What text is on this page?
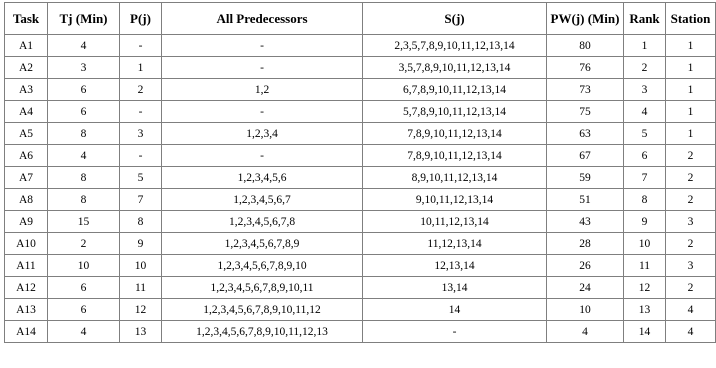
Task	Tj (Min)	P(j)	All Predecessors	S(j)	PW(j) (Min)	Rank	Station
A1	4	-	-	2,3,5,7,8,9,10,11,12,13,14	80	1	1
A2	3	1	-	3,5,7,8,9,10,11,12,13,14	76	2	1
A3	6	2	1,2	6,7,8,9,10,11,12,13,14	73	3	1
A4	6	-	-	5,7,8,9,10,11,12,13,14	75	4	1
A5	8	3	1,2,3,4	7,8,9,10,11,12,13,14	63	5	1
A6	4	-	-	7,8,9,10,11,12,13,14	67	6	2
A7	8	5	1,2,3,4,5,6	8,9,10,11,12,13,14	59	7	2
A8	8	7	1,2,3,4,5,6,7	9,10,11,12,13,14	51	8	2
A9	15	8	1,2,3,4,5,6,7,8	10,11,12,13,14	43	9	3
A10	2	9	1,2,3,4,5,6,7,8,9	11,12,13,14	28	10	2
A11	10	10	1,2,3,4,5,6,7,8,9,10	12,13,14	26	11	3
A12	6	11	1,2,3,4,5,6,7,8,9,10,11	13,14	24	12	2
A13	6	12	1,2,3,4,5,6,7,8,9,10,11,12	14	10	13	4
A14	4	13	1,2,3,4,5,6,7,8,9,10,11,12,13	-	4	14	4
